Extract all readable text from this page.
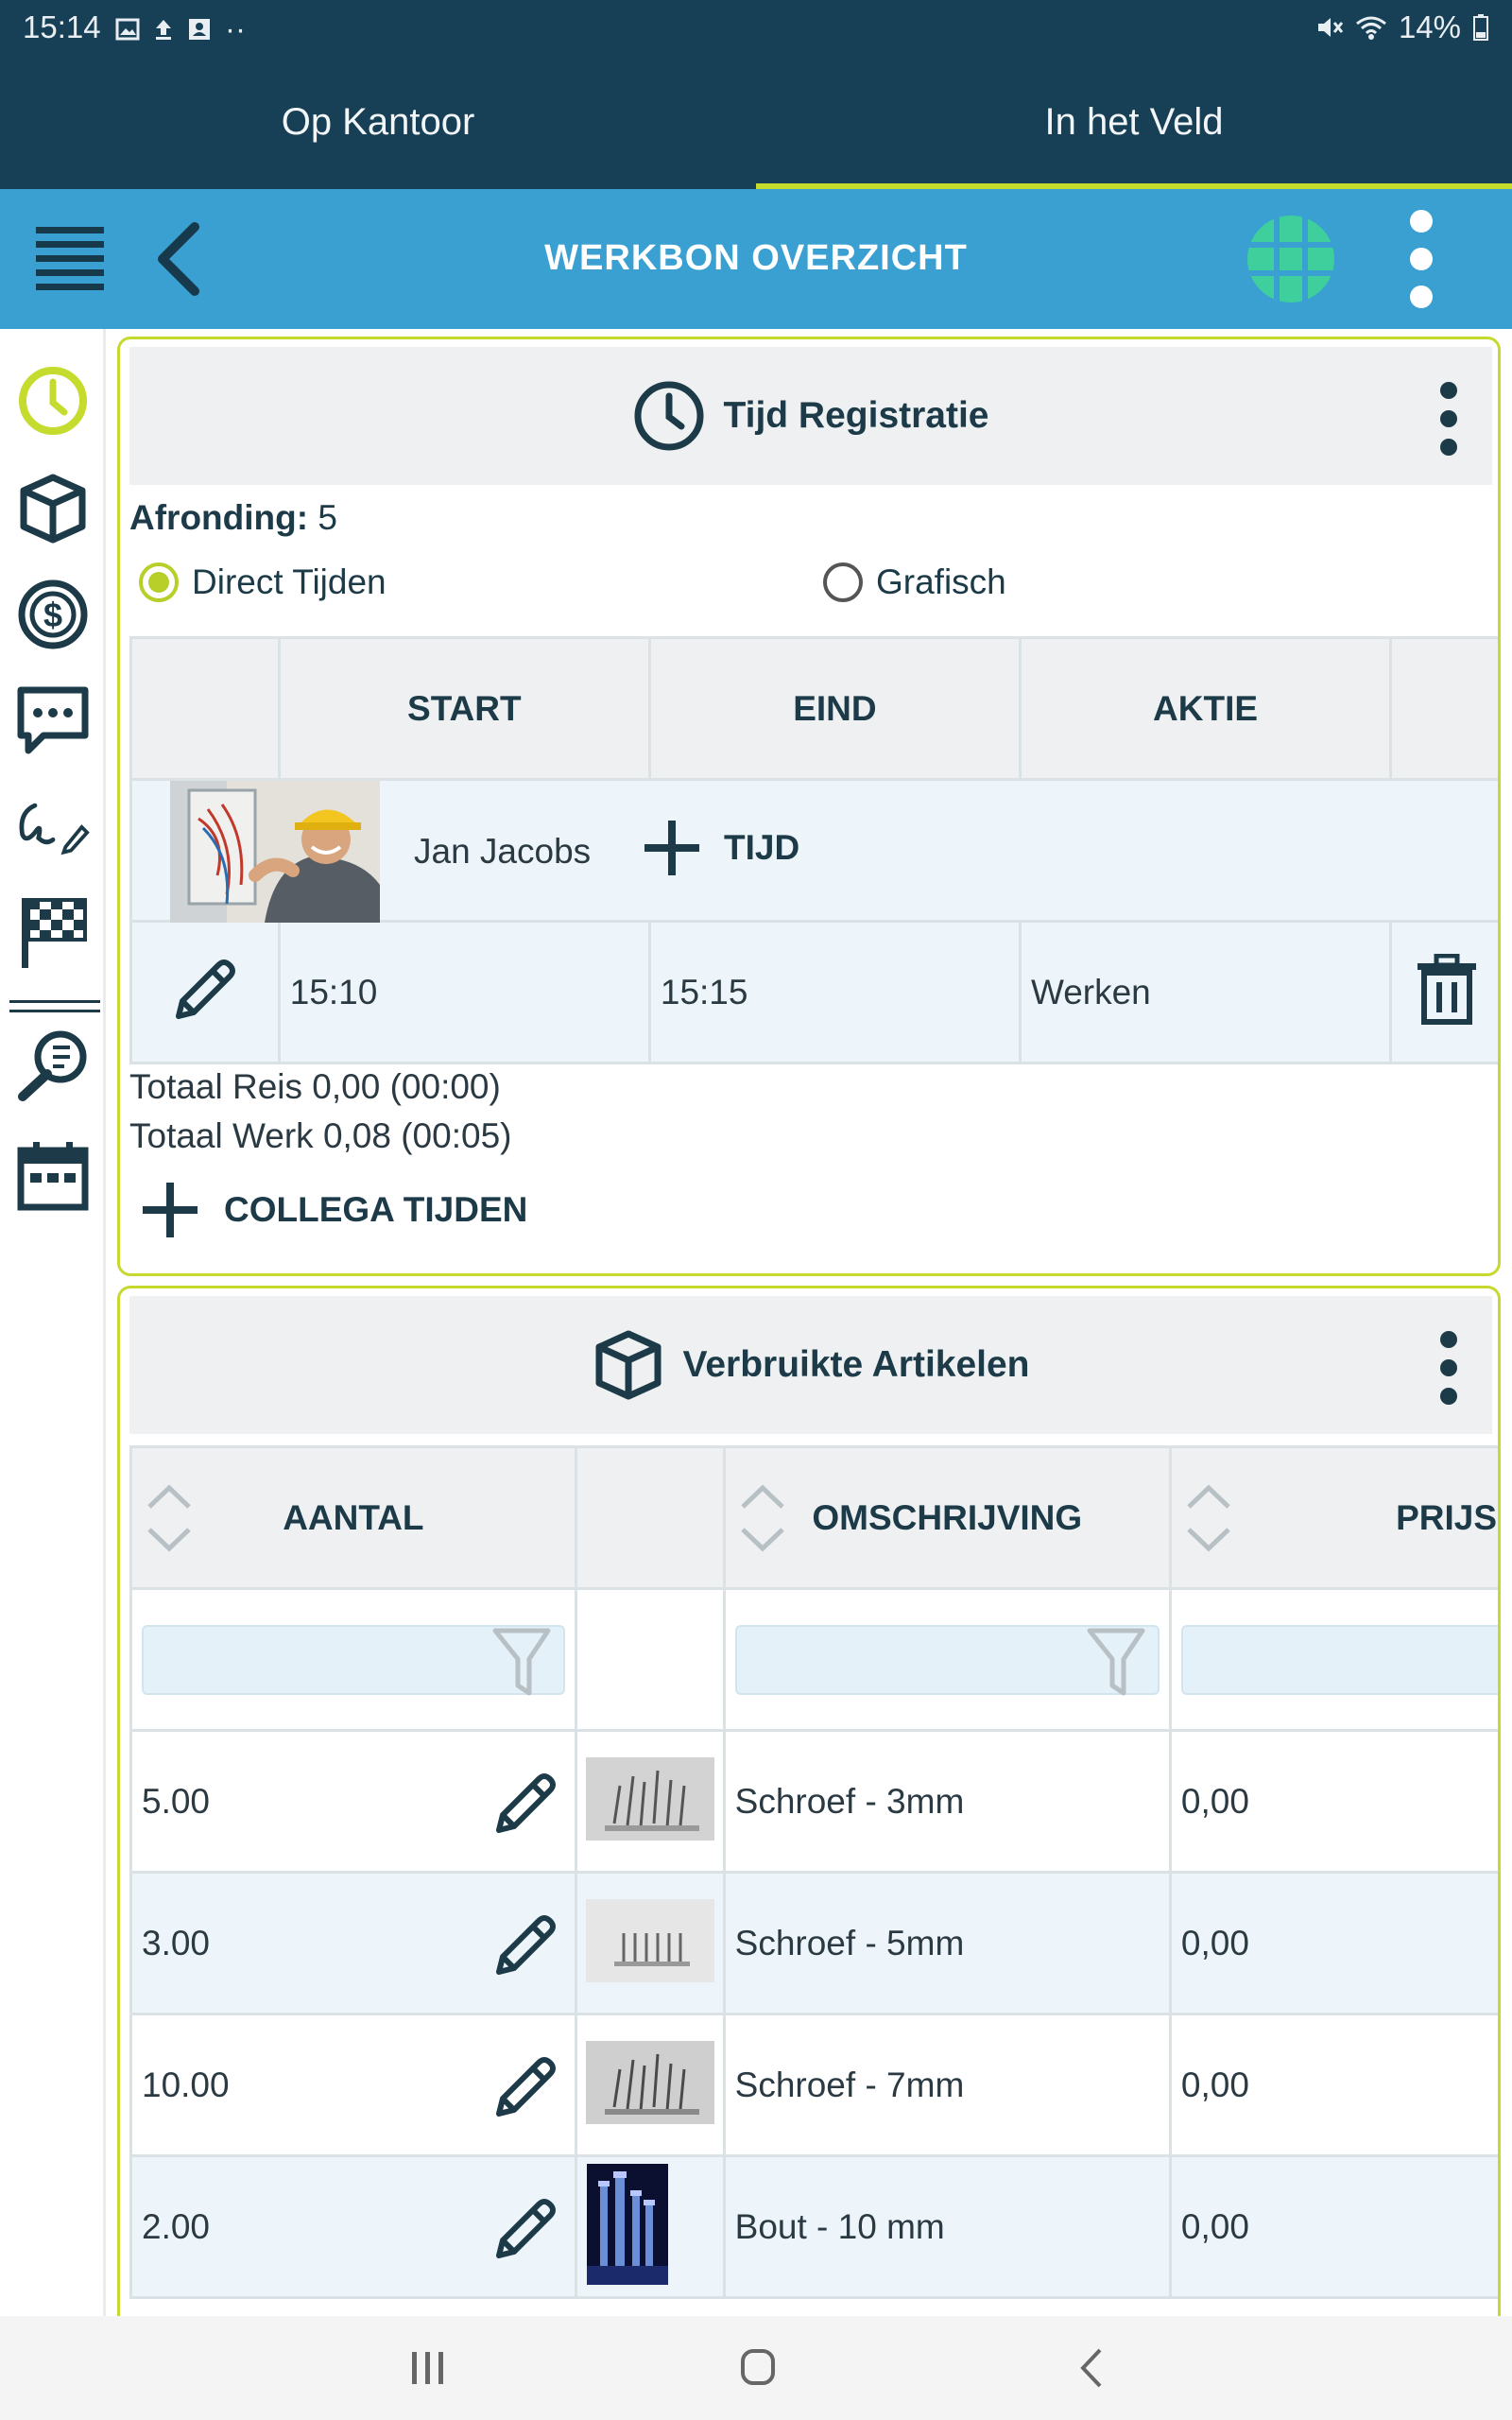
15:14	··	14%
Op Kantoor	In het Veld
WERKBON OVERZICHT
$
Tijd Registratie
Afronding: 5
Direct Tijden	Grafisch
	START	EIND	AKTIE	

Jan Jacobs TIJD				

	15:10	15:15	Werken	
Totaal Reis 0,00 (00:00)
Totaal Werk 0,08 (00:05)
COLLEGA TIJDEN
Verbruikte Artikelen
AANTAL		OMSCHRIJVING	PRIJS

5.00		Schroef - 3mm	0,00
3.00		Schroef - 5mm	0,00
10.00		Schroef - 7mm	0,00
2.00		Bout - 10 mm	0,00
